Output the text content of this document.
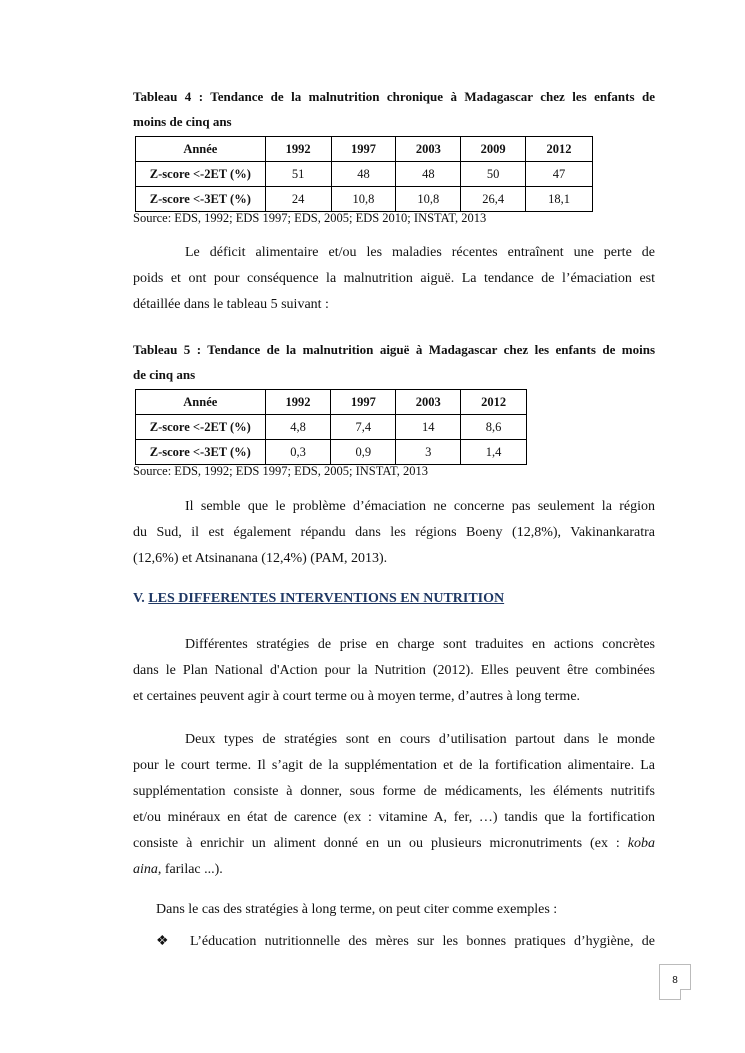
Tableau 4 : Tendance de la malnutrition chronique à Madagascar chez les enfants de
moins de cinq ans
Année	1992	1997	2003	2009	2012
Z-score <-2ET (%)	51	48	48	50	47
Z-score <-3ET (%)	24	10,8	10,8	26,4	18,1
Source: EDS, 1992; EDS 1997; EDS, 2005; EDS 2010; INSTAT, 2013
Le déficit alimentaire et/ou les maladies récentes entraînent une perte de
poids et ont pour conséquence la malnutrition aiguë. La tendance de l’émaciation est
détaillée dans le tableau 5 suivant :
Tableau 5 : Tendance de la malnutrition aiguë à Madagascar chez les enfants de moins
de cinq ans
Année	1992	1997	2003	2012
Z-score <-2ET (%)	4,8	7,4	14	8,6
Z-score <-3ET (%)	0,3	0,9	3	1,4
Source: EDS, 1992; EDS 1997; EDS, 2005; INSTAT, 2013
Il semble que le problème d’émaciation ne concerne pas seulement la région
du Sud, il est également répandu dans les régions Boeny (12,8%), Vakinankaratra
(12,6%) et Atsinanana (12,4%) (PAM, 2013).
V. LES DIFFERENTES INTERVENTIONS EN NUTRITION
Différentes stratégies de prise en charge sont traduites en actions concrètes
dans le Plan National d'Action pour la Nutrition (2012). Elles peuvent être combinées
et certaines peuvent agir à court terme ou à moyen terme, d’autres à long terme.
Deux types de stratégies sont en cours d’utilisation partout dans le monde
pour le court terme. Il s’agit de la supplémentation et de la fortification alimentaire. La
supplémentation consiste à donner, sous forme de médicaments, les éléments nutritifs
et/ou minéraux en état de carence (ex : vitamine A, fer, …) tandis que la fortification
consiste à enrichir un aliment donné en un ou plusieurs micronutriments (ex : koba
aina, farilac ...).
Dans le cas des stratégies à long terme, on peut citer comme exemples :
❖ L’éducation nutritionnelle des mères sur les bonnes pratiques d’hygiène, de
8
